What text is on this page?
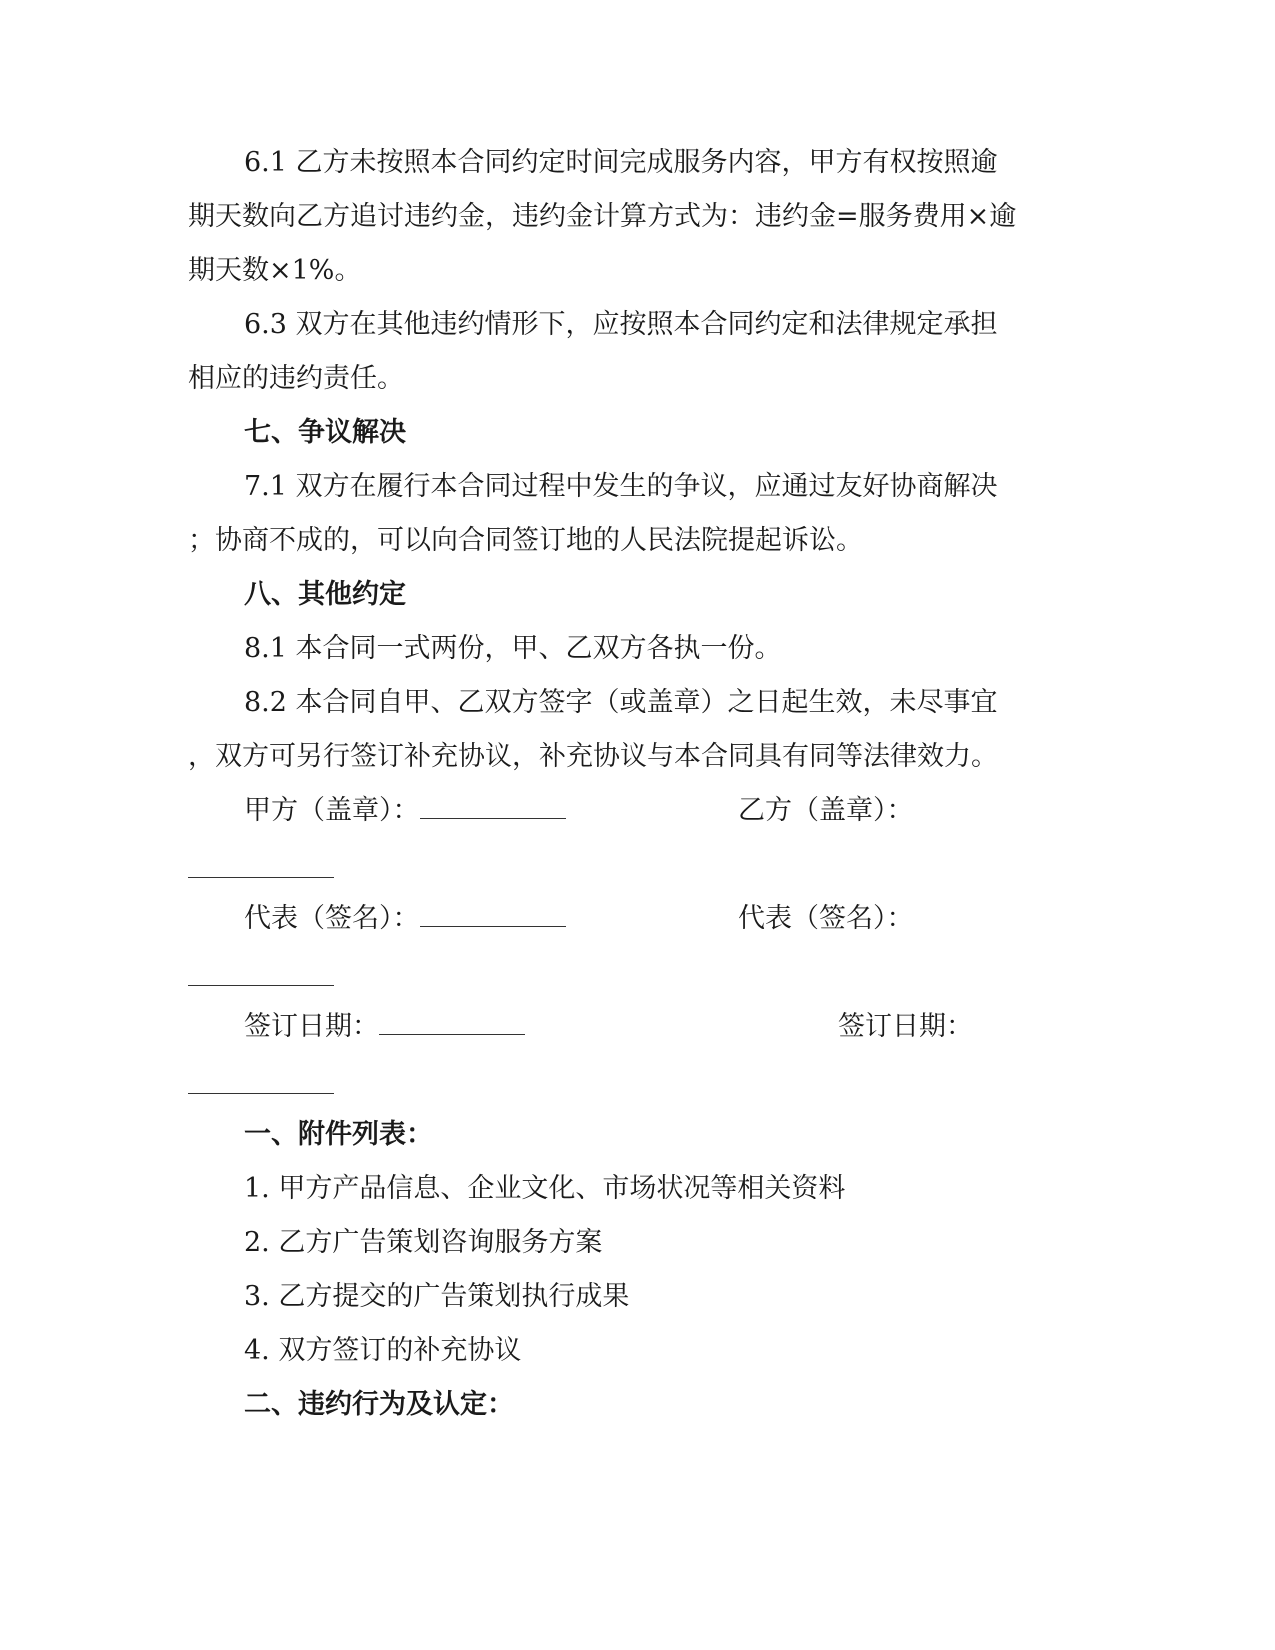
6.1 乙方未按照本合同约定时间完成服务内容，甲方有权按照逾
期天数向乙方追讨违约金，违约金计算方式为：违约金=服务费用×逾
期天数×1%。
6.3 双方在其他违约情形下，应按照本合同约定和法律规定承担
相应的违约责任。
七、争议解决
7.1 双方在履行本合同过程中发生的争议，应通过友好协商解决
；协商不成的，可以向合同签订地的人民法院提起诉讼。
八、其他约定
8.1 本合同一式两份，甲、乙双方各执一份。
8.2 本合同自甲、乙双方签字（或盖章）之日起生效，未尽事宜
，双方可另行签订补充协议，补充协议与本合同具有同等法律效力。
甲方（盖章）：	乙方（盖章）：
代表（签名）：	代表（签名）：
签订日期：	签订日期：
一、附件列表：
1. 甲方产品信息、企业文化、市场状况等相关资料
2. 乙方广告策划咨询服务方案
3. 乙方提交的广告策划执行成果
4. 双方签订的补充协议
二、违约行为及认定：
